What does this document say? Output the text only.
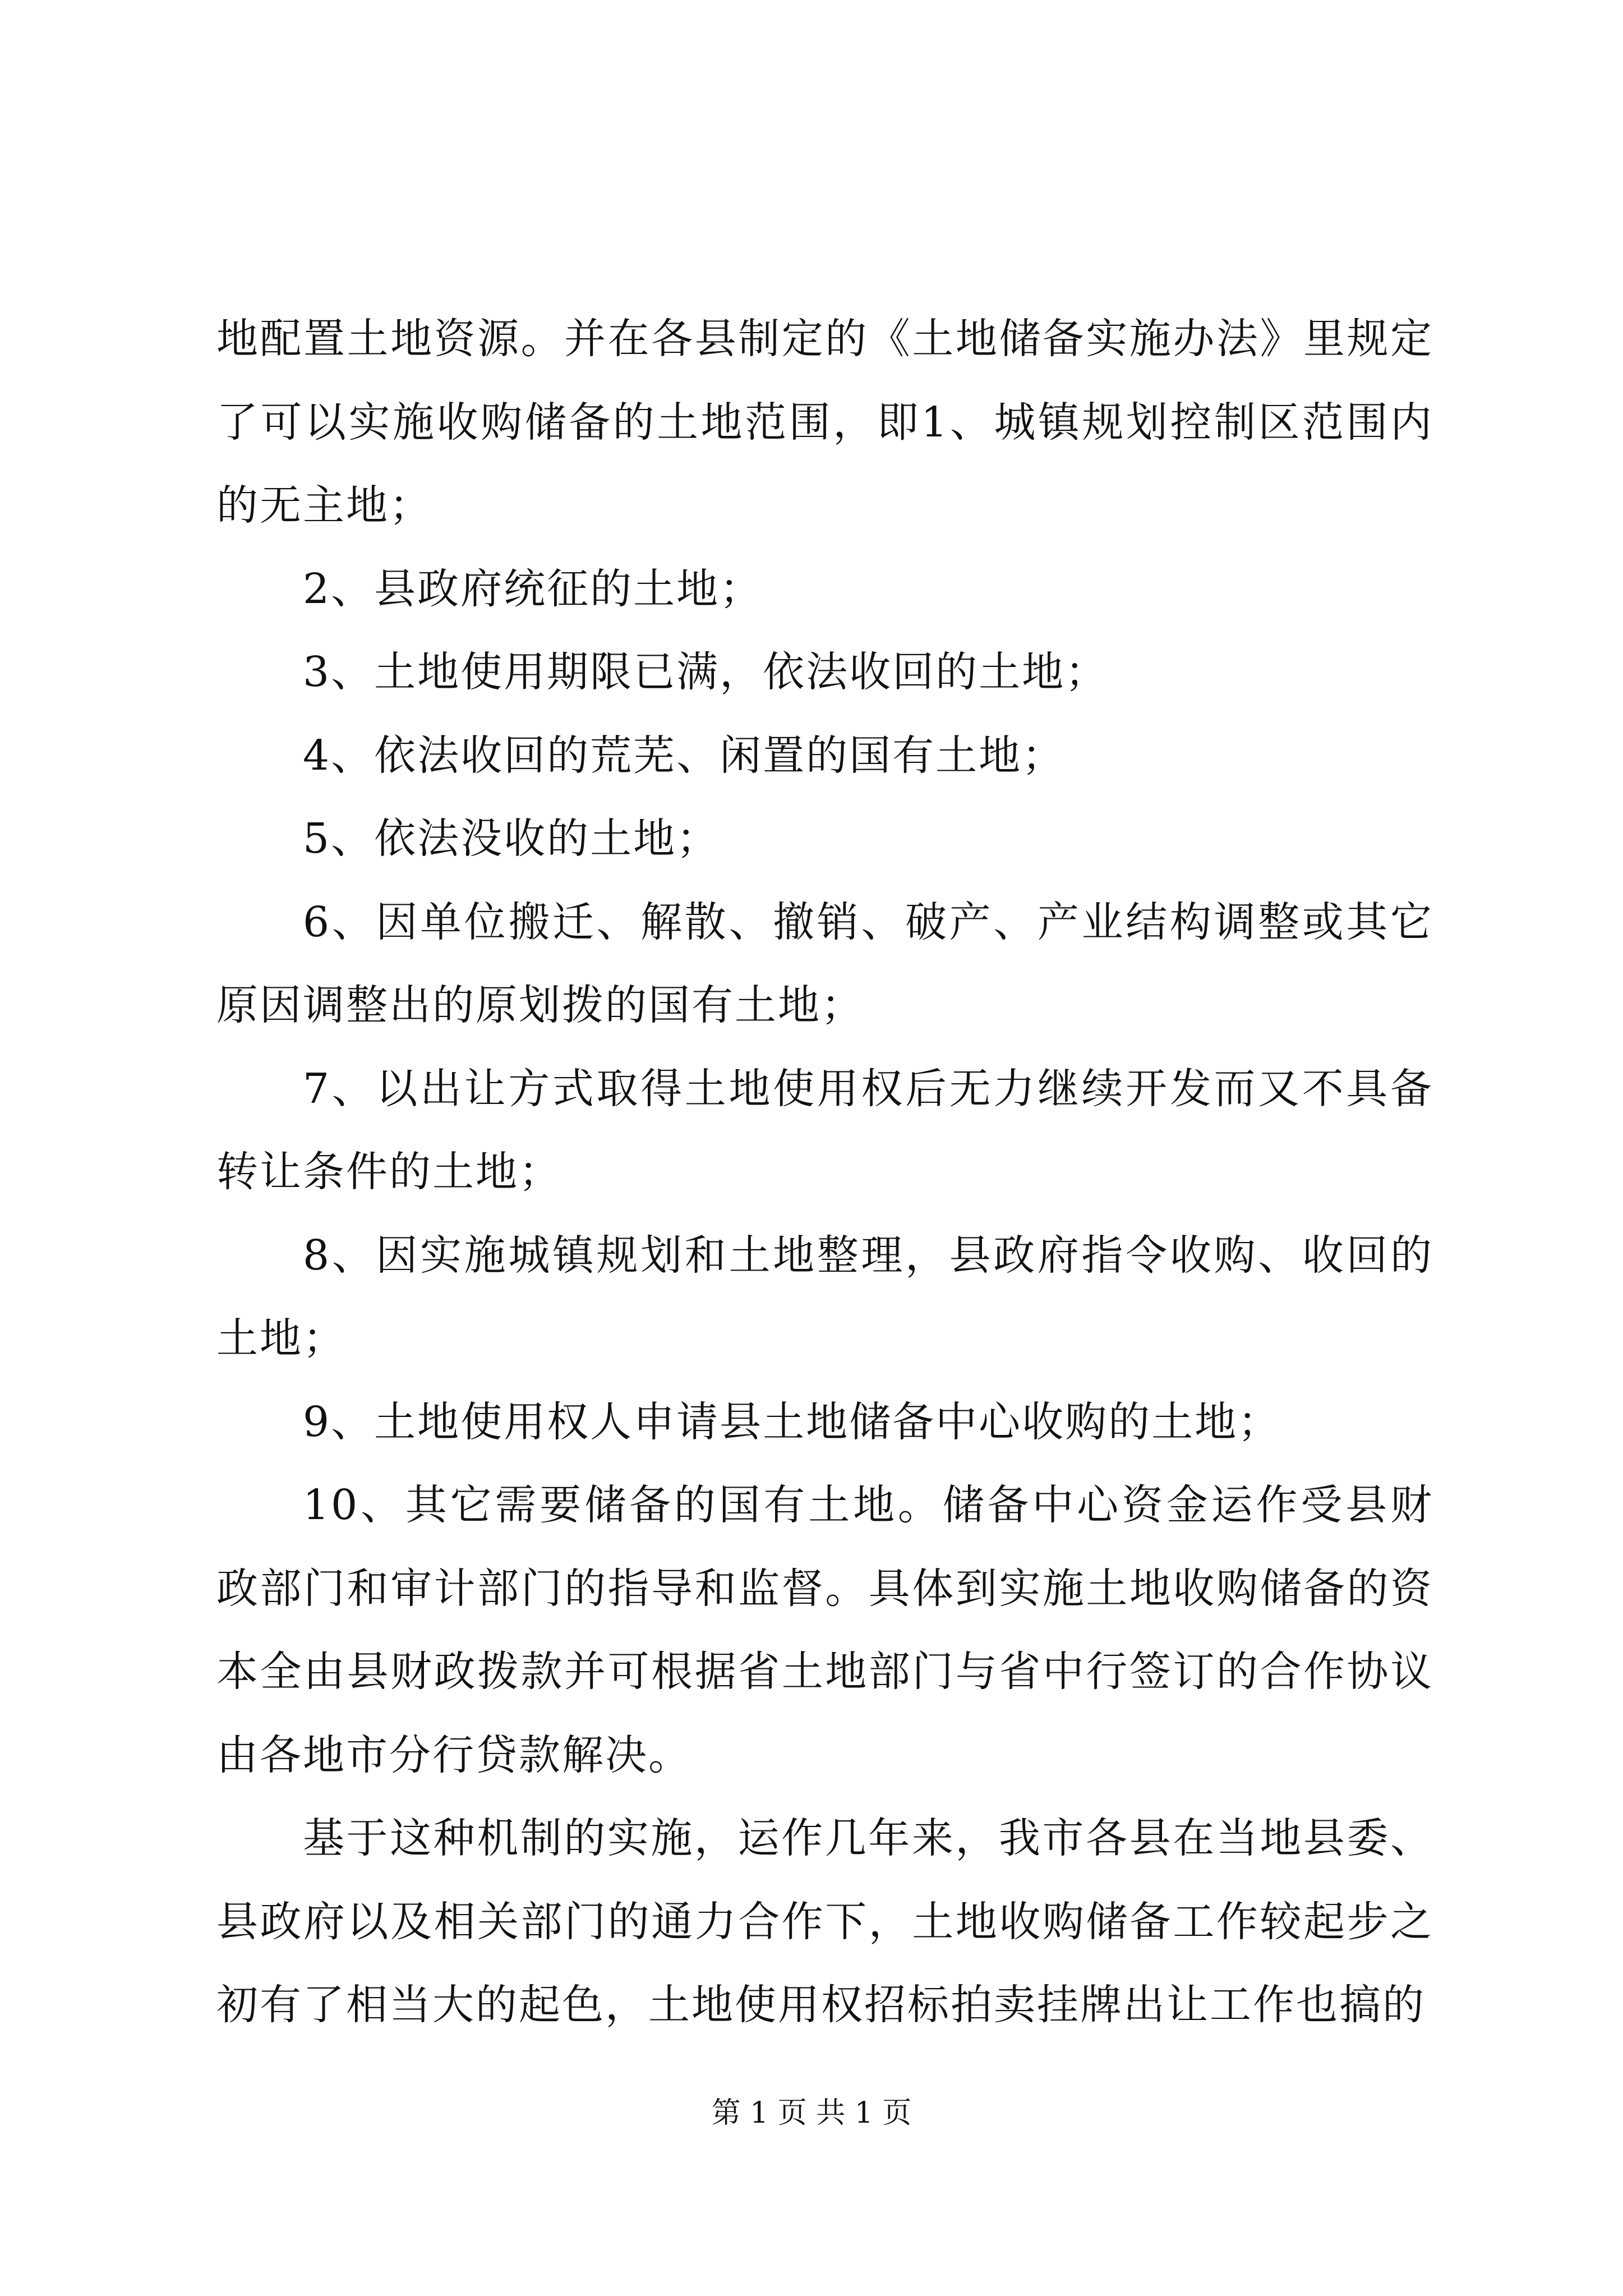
地配置土地资源。并在各县制定的《土地储备实施办法》里规定了可以实施收购储备的土地范围，即1、城镇规划控制区范围内的无主地；

2、县政府统征的土地；

3、土地使用期限已满，依法收回的土地；

4、依法收回的荒芜、闲置的国有土地；

5、依法没收的土地；

6、因单位搬迁、解散、撤销、破产、产业结构调整或其它原因调整出的原划拨的国有土地；

7、以出让方式取得土地使用权后无力继续开发而又不具备转让条件的土地；

8、因实施城镇规划和土地整理，县政府指令收购、收回的土地；

9、土地使用权人申请县土地储备中心收购的土地；

10、其它需要储备的国有土地。储备中心资金运作受县财政部门和审计部门的指导和监督。具体到实施土地收购储备的资本全由县财政拨款并可根据省土地部门与省中行签订的合作协议由各地市分行贷款解决。

基于这种机制的实施，运作几年来，我市各县在当地县委、县政府以及相关部门的通力合作下，土地收购储备工作较起步之初有了相当大的起色，土地使用权招标拍卖挂牌出让工作也搞的

第 1 页 共 1 页
